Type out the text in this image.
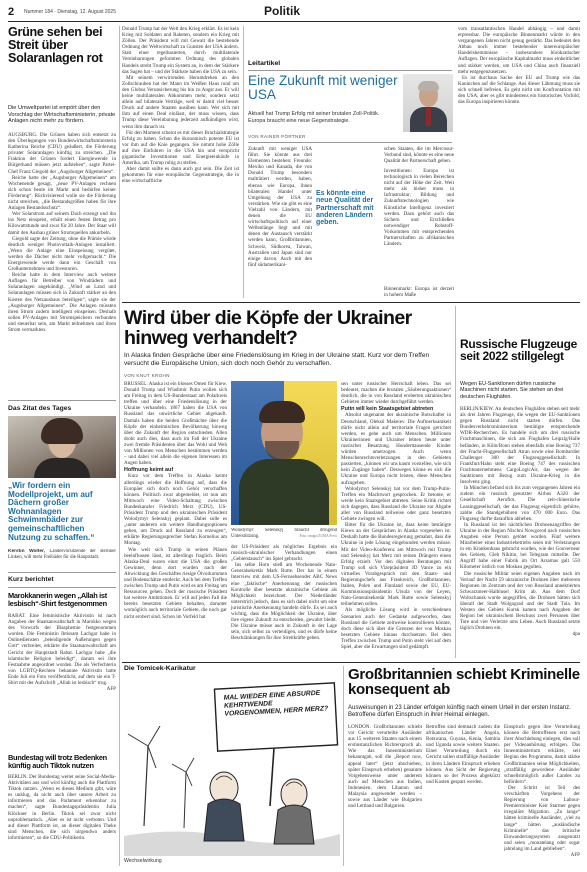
2 Nummer 184 · Dienstag, 12. August 2025	Politik
Grüne sehen bei Streit über Solaranlagen rot
Die Umweltpartei ist empört über den Vorschlag der Wirtschaftsministerin, private Anlagen nicht mehr zu fördern.

AUGSBURG. Die Grünen haben sich entsetzt zu den Überlegungen von Bundeswirtschaftsministerin Katherina Reiche (CDU) geäußert, die Förderung privater Solaranlagen künftig zu streichen. „Die Fraktion der Grünen fordert Energiewende in Bürgerhand müssen jetzt aufstehen“, sagte Partei-Chef Franz Giegold der „Augsburger Allgemeinen“.

Reiche hatte der „Augsburger Allgemeinen“ am Wochenende gesagt, „neue PV-Anlagen rechnen sich schon heute im Markt und bedürfen keiner Förderung“. Rückvisierend wolle sie die Förderung nicht streichen, „die Bestandsgrößen haben für ihre Anlagen Bestandsschutz“.

Wer Solarstrom auf seinem Dach erzeugt und ihn ins Netz einspeist, erhält einen festen Betrag pro Kilowattstunde und zwar für 20 Jahre. Der Staat will damit den Ausbau grüner Stromquellen ankurbeln.

Giegold sagte der Zeitung, ohne die Prämie würde deutlich weniger Photovoltaik-Anlagen installiert. „Wenn die Anlage eine Einspeisung vergütet, werden die Dächer nicht mehr vollgemacht.“ Die Energiewende werde dann ein Geschäft von Großunternehmen und Investoren.

Reiche hatte in dem Interview auch weitere Auflagen für Betreiber von Windrädern und Solaranlagen angekündigt. „Wind an Land und Solaranlagen müssen sich in Zukunft stärker an den Kosten des Netzausbaus beteiligen“, sagte sie der „Augsburger Allgemeinen“. Die Anlagen müssten ihren Strom zudem intelligent einspeisen. Deshalb sollen PV-Anlagen mit Stromspeichern verbunden und steuerbar sein, am Markt teilnehmen und ihren Strom vermarkten.

Das Zitat des Tages
„Wir fordern ein Modellprojekt, um auf Dächern großer Wohnanlagen Schwimmbäder zur gemeinschaftlichen Nutzung zu schaffen.“
Kerstin Wolter, Landesvorsitzende der Berliner Linken, will mehr Freibäder für die Hauptstadt.
Kurz berichtet
Marokkanerin wegen „Allah ist lesbisch“-Shirt festgenommen

RABAT. Eine feministische Aktivistin ist nach Angaben der Staatsanwaltschaft in Marokko wegen des Vorwurfs der Blasphemie festgenommen worden. Die Feministin Ibtissam Lachgar habe in Onlinediensten „beleidigende Äußerungen gegen Gott“ verbreitet, erklärte die Staatsanwaltschaft am Gericht der Hauptstadt Rabat. Lachgar habe „die islamische Religion beleidigt“, darum sei ihre Festnahme angeordnet worden. Die als Verfechterin von LGBTQ-Rechten bekannte Aktivistin hatte Ende Juli ein Foto veröffentlicht, auf dem sie ein T-Shirt mit der Aufschrift „Allah ist lesbisch“ trug.

AFP

Bundestag will trotz Bedenken künftig auch Tiktok nutzen

BERLIN. Der Bundestag weitet seine Social-Media-Aktivitäten aus und wird künftig auch die Plattform Tiktok nutzen. „Wenn es dieses Medium gibt, wäre es unklug, da nicht auch über unsere Arbeit zu informieren und das Parlament erkennbar zu machen“, sagte Bundestagspräsidentin Julia Klöckner in Berlin. Tiktok sei zwar nicht unproblematisch. „Aber es ist nicht verboten. Und auf dieser Plattform ist, an dieser digitalen Theke sind Menschen, die sich nirgendwo anders informieren“, so die CDU-Politikerin.

Donald Trump hat der Welt den Krieg erklärt. Es ist kein Krieg mit Soldaten und Raketen, sondern ein Krieg mit Zöllen. Der Präsident will mit Gewalt die bestehende Ordnung der Weltwirtschaft zu Gunsten der USA ändern. Statt einer regelbasierten, durch multilaterale Vereinbarungen geformten Ordnung des globalen Handels strebt Trump ein System an, in dem der Stärkere das Sagen hat – und der Stärkste haben die USA zu sein.

Mit seinem verwirrenden Herumdrehen an den Zollschrauben hat der Mann im Weißen Haus rund um den Globus Verunsicherung bis hin zu Angst aus. Er will keine multilateralen Abkommen mehr, sondern setzt allein auf bilaterale Verträge, weil er damit viel besser Druck auf andere Staaten ausüben kann. Wer sich mit ihm auf einen Deal einlässt, der muss wissen, dass Trump diese Vereinbarung jederzeit aufkündigen wird, wenn ihm danach ist.

Für den Moment scheint es mit dieser Brachialstrategie Erfolg zu haben. Schon die ökonomisch potente EU ist vor ihm auf die Knie gegangen. Sie nimmt hohe Zölle auf ihre Einfuhren in die USA hin und verspricht gigantische Investitionen und Energieeinkäufe in Amerika, um Trump ruhig zu stellen.

Aber damit sollte es dann auch gut sein. Die Zeit ist gekommen für eine europäische Gegenstrategie, die in eine wirtschaftliche

Leitartikel
Eine Zukunft mit weniger USA
Aktuell hat Trump Erfolg mit seiner brutalen Zoll-Politik. Europa braucht eine neue Gegenstrategie.
VON RAINER PÖRTNER
Zukunft mit weniger USA führt. Sie könnte aus drei Elementen bestehen: Freunde: Mexiko und Kanada, die von Donald Trump besonders malträtiert werden, haben, ebenso wie Europa, ihnen bilateralen Handel unter Umgehung der USA zu verstärken. Wie sie gibt es eine Vielzahl von Ländern, mit denen die EU wirtschaftspolitisch auf einer Wellenlänge liegt und mit denen der Austausch verstärkt werden kann, Großbritannien, Schweiz, Südkorea, Taiwan, Australien und Japan sind nur einige davon. Auch mit den fünf südamerikani-
Es könnte eine neue Qualität der Partnerschaft mit anderen Ländern geben.
schen Staaten, die im Mercosur-Verbund sind, könnte es eine neue Qualität der Partnerschaft geben.
Investitionen: Europa ist technologisch in vielen Bereichen nicht auf der Höhe der Zeit. Weit mehr als bisher muss in Infrastruktur, Bildung und Zukunftstechnologien wie Künstliche Intelligenz investiert werden. Dazu gehört auch das Sichern und Erschließen notwendiger Rohstoff-Vorkommen mit entsprechenden Partnerschaften zu afrikanischen Ländern.
Binnenmarkt: Europa ist derzeit in hohem Maße

vom transatlantischen Handel abhängig – und damit erpressbar. Die europäische Binnenmarkt würde in den vergangenen Jahren nicht genug gestärkt. Das bedeutet den Abbau noch immer bestehender innereuropäischer Handelshemmnisse – insbesondere bürokratischer Auflagen. Der europäische Kapitalmarkt muss einheitlicher und stärker werden, um USA und China auch finanziell mehr entgegenzusetzen.

Es ist durchaus Sache der EU auf Trump wie das Kaninchen auf die Schlange. Aus dieser Lähmung muss sie sich schnell befreien. Es geht nicht um Konfrontation mit den USA, aber es gibt mindestens ein historisches Vorbild, das Europa inspirieren könnte.

Wird über die Köpfe der Ukrainer hinweg verhandelt?
In Alaska finden Gespräche über eine Friedenslösung im Krieg in der Ukraine statt. Kurz vor dem Treffen versucht die Europäische Union, sich doch noch Gehör zu verschaffen.
VON KNUT KROHN

BRÜSSEL. Alaska ist ein blosses Omen für Kiew. Donald Trump und Wladimir Putin wollen sich am Freitag in dem US-Bundesstaat am Polarkreis treffen und über eine Friedenslösung in der Ukraine verhandeln. 1867 haben die USA von Russland das unwirtliche Gebiet abgekauft. Damals haben die beiden Großmächte über die Köpfe der einheimischen Bevölkerung hinweg über die Zukunft der Region entschieden. Allen droht auch dies, dass auch im Fall der Ukraine zwei fremde Präsidenten über das Wohl und Weh von Millionen von Menschen bestimmen werden – und dabei viel allein die eigenen Interessen im Augen haben.

Hoffnung keimt auf

Kurz vor dem Treffen in Alaska keimt allerdings wieder die Hoffnung auf, dass die Europäer sich doch noch Gehör verschaffen können. Politisch zwar abgemeldet, ist nun am Mittwoch eine Video-Schaltung zwischen Bundeskanzler Friedrich Merz (CDU), US-Präsident Trump und den ukrainischen Präsident Wolodymyr Selenskyj geplant. Dabei solle es „unter anderem um weitere Handlungsoptionen gehen, um Druck auf Russland zu erzeugen“, erklärte Regierungssprecher Stefan Kornelius am Montag.

Wie weit sich Trump in seinen Plänen beeinflussen lässt, ist allerdings fraglich. Beim Alaska-Deal waren einst die USA die großen Gewinner, denn dort wurden nach der Abwicklung des Geschäftes riesige Ölvorkommen und Bodenschätze entdeckt. Auch bei dem Treffen zwischen Trump und Putin wird es am Freitag um Ressourcen gehen. Doch der russische Präsident hat weitere Ambitionen. Er will auf jeden Fall die bereits besetzten Gebiete behalten, darunter womöglich auch territoriale Gebiete, die noch gar nicht erobert sind. Schon im Vorfeld hat

Wolodymyr Selenskyj braucht dringend Unterstützung.	Foto: imago/ZUMA Press

der US-Präsident als mögliches Ergebnis ein russisch-ukrainischer Verhandlungen einen „Gebietstausch“ ins Spiel gebracht.

Ins selbe Horn stieß am Wochenende Nato-Generalsekretär Mark Rutte. Der hat in einem Interview mit dem US-Fernsehsender ABC News eine „faktische“ Anerkennung der russischen Kontrolle über besetzte ukrainische Gebiete als Möglichkeit bezeichnet. Der Niederländer unterstrich jedoch, dass es sich dabei nicht um eine juristische Anerkennung handeln dürfe. Es sei auch wichtig, dass die Möglichkeit der Ukraine, über ihre eigene Zukunft zu entscheiden, gewahrt bleibt. Die Ukraine müsse auch in Zukunft in der Lage sein, sich selbst zu verteidigen, und es dürfe keine Beschränkungen für ihre Streitkräfte geben.

sen unter russischer Herrschaft leben. Das sei bedeutet, machen die brutalen „Säuberungsaktionen“ deutlich, die in von Russland eroberten ukrainischen Gebieten immer wieder durchgeführt werden.

Putin will kein Staatsgebiet abtreten

Absolut ungenannt der ukrainische Botschafter in Deutschland, Oleksii Makeiev. Die Aufmerksamkeit dürfe nicht allein auf territoriale Fragen gerichtet werden, es gehe auch um Menschen. Millionen Ukrainerinnen und Ukrainer lebten heute unter russischer Besatzung. Hunderttausende Kinder würden umerzogen. Auch wenn Menschenrechtsverletzungen in den Gebieten passierten, „können wir uns kaum vorstellen, wie sich kein Zugänge haben“. Deswegen könne es sich die Ukraine und Europa nicht leisten, diese Menschen aufzugeben.

Wolodymyr Selenskyj hat vor dem Trump-Putin-Treffen ein Machtwort gesprochen. Er betonte, er werde kein Staatsgebiet abtreten. Seine Kritik richtet sich dagegen, dass Russland die Ukraine zur Abgabe aller von Russland teilweise oder ganz besetzten Gebiete zwingen will.

Bitter für die Ukraine ist, dass keine bestätigte Kiews an der Gesprächen in Alaska vorgesehen ist. Deshalb hatte die Bundesregierung gemahnt, dass die Ukraine in jede Lösung eingebunden werden müsse. Mit der Video-Konferenz am Mittwoch mit Trump und Selenskyj hat Merz mit seinen Drängern einen Erfolg erzielt. Vor den digitalen Beratungen mit Trump soll sich Vizepräsident JD Vance zu ein virtuelles Vorabgespräch mit den Staats- und Regierungschefs aus Frankreich, Großbritannien, Italien, Polen und Finnland sowie der EU, EU-Kommissionspräsidentin Ursula von der Leyen, Nato-Generalsekretär Mark Rutte sowie Selenskyj teilnehmen sollen.

Als mögliche Lösung wird in verschiedenen Szenarien auch der Gedanke aufgeworfen, dass Russland die Gebiete zeitweise kontrollieren könnte, doch diese sich über die Grenzen der von Moskau besetzten Gebiete hinaus durchsetzen. Bei dem Treffen zwischen Trump und Putin steht viel auf dem Spiel, aber die Erwartungen sind gedämpft.

Russische Flugzeuge seit 2022 stillgelegt
Wegen EU-Sanktionen dürfen russische Maschinen nicht starten. Sie stehen an drei deutschen Flughäfen.

BERLIN/KIEW. An deutschen Flughäfen stehen seit mehr als drei Jahren Flugzeuge, die wegen der EU-Sanktionen gegen Russland nicht starten dürfen. Das Bundesverkehrsministerium bestätigte entsprechende WDR-Recherchen. Es handele sich um drei russische Frachtmaschinen, die sich am Flughafen Leipzig/Halle befänden, in Köln/Bonn stehen ebenfalls eine Boeing 737 der Fracht-Fluggesellschaft Atran sowie eine Bombardier Challenger 300 der Flugzeuggesellschaft. In Frankfurt/Hahn steht eine Boeing 747 des russischen Frachtunternehmens CargoLogicAir, das wegen der Sanktionen mit Bezug zum Ukraine-Krieg in die Insolvenz ging.

In München befand sich bis zum vergangenen Jahren ein zudem ein russisch genutzter Airbus A320 der Gesellschaft Aeroflot. Die zeit-chinesische Leasinggesellschaft, der das Flugzeug eigentlich gehörte, zahlte die Standgebühren von 470 000 Euro. Das Flugzeug durfte daraufhin abheben.

In Russland ist bei nächtlichen Drohnenangriffen der Ukraine in der Region Nischni Nowgorod nach russischen Angaben eine Person getötet worden. Fünf weitere Mitarbeiter eines Industriebetriebs seien mit Verletzungen in ein Krankenhaus gebracht worden, wie der Gouverneur des Gebiets, Gleb Nikitin, bei Telegram mitteilte. Der Angriff habe einer Fabrik im Ort Arsamas galt 550 Kilometer östlich von Moskau gegolten.

Die russische Militär seien eigenen Angaben nach im Verlauf der Nacht 59 ukrainische Drohnen über mehreren Regionen im Zentrum und der von Russland annektierten Schwarzmeer-Halbinsel Krim ab. Aus dem Dorf Woltschansk wurde angegriffen, die Drohnen hätten sich überall der Stadt Wolgograd und der Stadt Tula. Im Westen des Gebiets Kursk kamen nach Angaben der Region bei ukrainischem Beschuss zwei Personen über Tote und vier Verletzte ums Leben. Auch Russland setzte täglich Drohnen ein.

dpa

Die Tomicek-Karikatur
MAL WIEDER EINE ABSURDE KEHRTWENDE VORGENOMMEN, HERR MERZ?
Wechselwirkung
Großbritannien schiebt Kriminelle konsequent ab
Ausweisungen in 23 Länder erfolgen künftig nach einem Urteil in der ersten Instanz. Betroffene dürfen Einspruch in ihrer Heimat einlegen.
LONDON. Großbritannien schiebt vor Gericht verurteilte Ausländer aus 15 weiteren Staaten nach einem erstinstanzlichen Richterspruch ab. Wie das Innenministerium bekanntgab, soll die „Report now, appeal later“ (jetzt abschieben, später Einspruch erheben) genannte Vorgehensweise unter anderem auch auf Menschen aus Indien, Indonesien, dem Libanon und Malaysia angewendet werden – sowie aus Länder wie Bulgarien und Lettland und Bulgarien.
Betroffen sind demnach zudem die afrikanischen Länder Angola, Botswana, Guyana, Kenia, Sambia und Uganda sowie weitere Staaten. Einer Verurteilung durch ein Gericht sollen straffällige Ausländer in ihren Ländern Einspruch erheben können. Aus Sicht der Regierung können so der Prozess abgekürzt und Kosten gespart werden.

Einspruch gegen ihre Verurteilung können die Betroffenen erst nach ihrer Abschiebung einlegen, dies soll per Videoanhörung erfolgen. Das Innenministerium erklärte, seit Beginn des Programms, damit stärke Großbritannien seine Möglichkeiten, „straffällig gewordene Ausländer schnellstmöglich außer Landes zu befördern“.

Der Schritt ist Teil des verschärften Vorgehens der Regierung von Labour-Premierminister Keir Starmer gegen irreguläre Migration. „Zu lange“ hätten kriminelle Ausländer, „viel zu lange“ hätten „ausländische Kriminelle“ das britische Einwanderungssystem ausgenutzt und seien „monatelang oder sogar jahrelang im Land geblieben“.

AFP
